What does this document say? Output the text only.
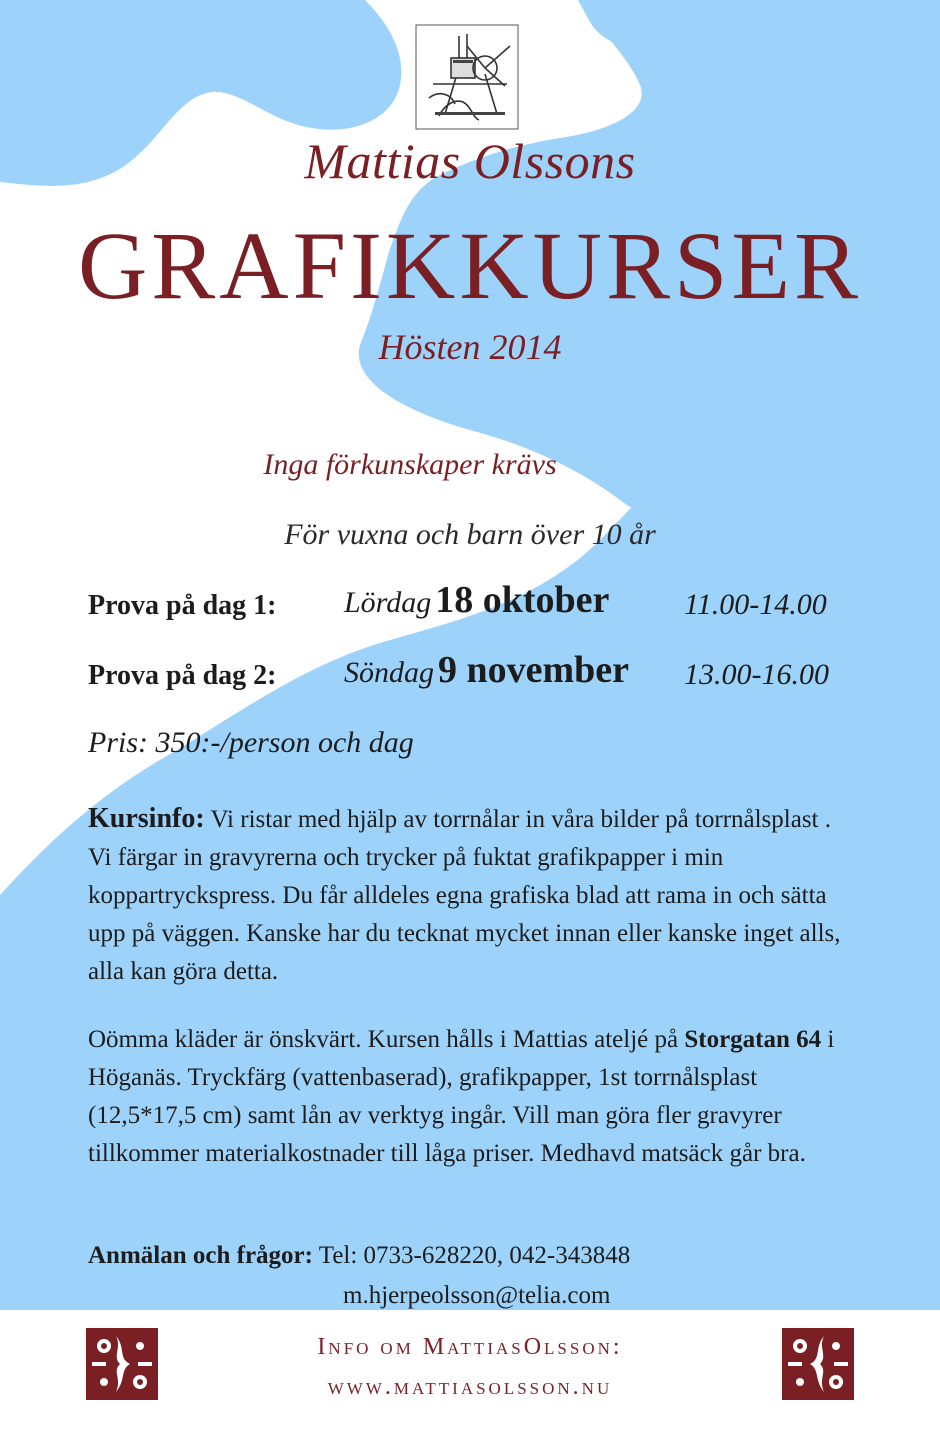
Mattias Olssons

GRAFIKKURSER

Hösten 2014

Inga förkunskaper krävs

För vuxna och barn över 10 år

Prova på dag 1: Lördag 18 oktober 11.00-14.00
Prova på dag 2: Söndag 9 november 13.00-16.00

Pris: 350:-/person och dag

Kursinfo: Vi ristar med hjälp av torrnålar in våra bilder på torrnålsplast . Vi färgar in gravyrerna och trycker på fuktat grafikpapper i min koppartryckspress. Du får alldeles egna grafiska blad att rama in och sätta upp på väggen. Kanske har du tecknat mycket innan eller kanske inget alls, alla kan göra detta.

Oömma kläder är önskvärt. Kursen hålls i Mattias ateljé på Storgatan 64 i Höganäs. Tryckfärg (vattenbaserad), grafikpapper, 1st torrnålsplast (12,5*17,5 cm) samt lån av verktyg ingår. Vill man göra fler gravyrer tillkommer materialkostnader till låga priser. Medhavd matsäck går bra.

Anmälan och frågor: Tel: 0733-628220, 042-343848

m.hjerpeolsson@telia.com

Info om MattiasOlsson:

www.mattiasolsson.nu
